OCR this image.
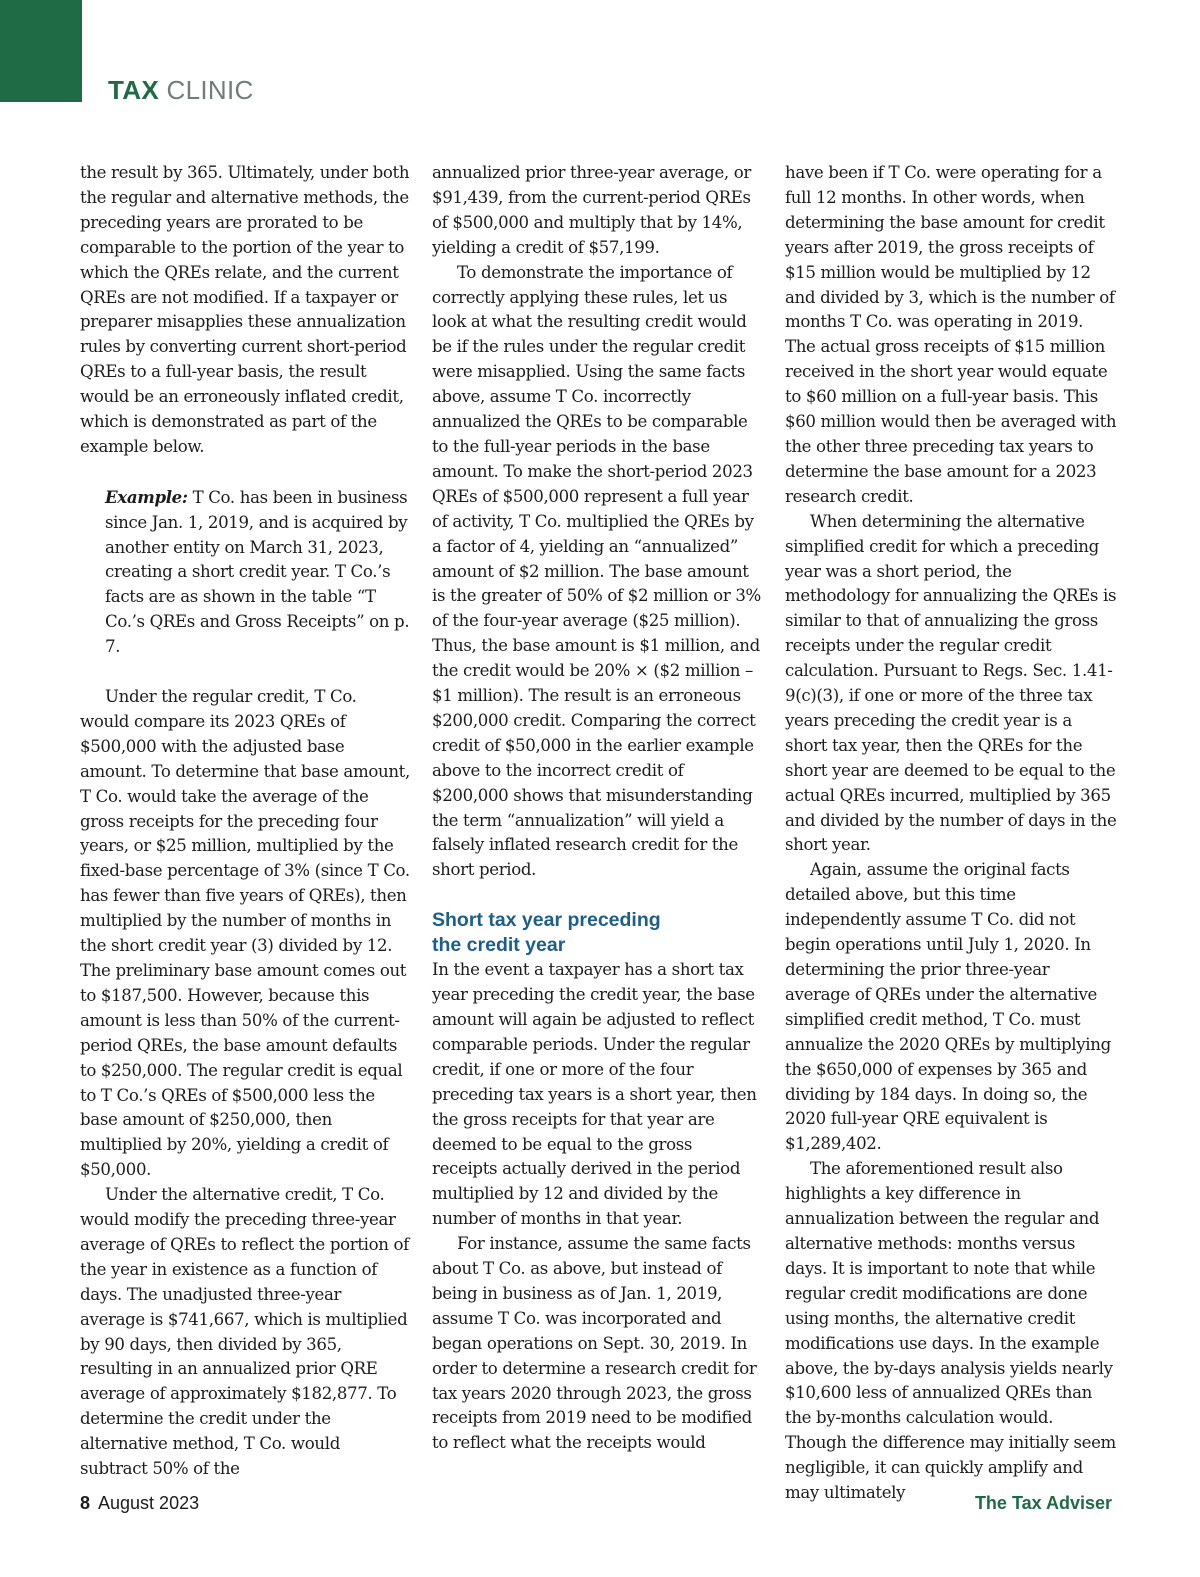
TAX CLINIC

the result by 365. Ultimately, under both the regular and alternative methods, the preceding years are prorated to be comparable to the portion of the year to which the QREs relate, and the current QREs are not modified. If a taxpayer or preparer misapplies these annualization rules by converting current short-period QREs to a full-year basis, the result would be an erroneously inflated credit, which is demonstrated as part of the example below.

Example: T Co. has been in business since Jan. 1, 2019, and is acquired by another entity on March 31, 2023, creating a short credit year. T Co.’s facts are as shown in the table “T Co.’s QREs and Gross Receipts” on p. 7.

Under the regular credit, T Co. would compare its 2023 QREs of $500,000 with the adjusted base amount. To determine that base amount, T Co. would take the average of the gross receipts for the preceding four years, or $25 million, multiplied by the fixed-base percentage of 3% (since T Co. has fewer than five years of QREs), then multiplied by the number of months in the short credit year (3) divided by 12. The preliminary base amount comes out to $187,500. However, because this amount is less than 50% of the current-period QREs, the base amount defaults to $250,000. The regular credit is equal to T Co.’s QREs of $500,000 less the base amount of $250,000, then multiplied by 20%, yielding a credit of $50,000.

Under the alternative credit, T Co. would modify the preceding three-year average of QREs to reflect the portion of the year in existence as a function of days. The unadjusted three-year average is $741,667, which is multiplied by 90 days, then divided by 365, resulting in an annualized prior QRE average of approximately $182,877. To determine the credit under the alternative method, T Co. would subtract 50% of the

annualized prior three-year average, or $91,439, from the current-period QREs of $500,000 and multiply that by 14%, yielding a credit of $57,199.

To demonstrate the importance of correctly applying these rules, let us look at what the resulting credit would be if the rules under the regular credit were misapplied. Using the same facts above, assume T Co. incorrectly annualized the QREs to be comparable to the full-year periods in the base amount. To make the short-period 2023 QREs of $500,000 represent a full year of activity, T Co. multiplied the QREs by a factor of 4, yielding an “annualized” amount of $2 million. The base amount is the greater of 50% of $2 million or 3% of the four-year average ($25 million). Thus, the base amount is $1 million, and the credit would be 20% × ($2 million – $1 million). The result is an erroneous $200,000 credit. Comparing the correct credit of $50,000 in the earlier example above to the incorrect credit of $200,000 shows that misunderstanding the term “annualization” will yield a falsely inflated research credit for the short period.

Short tax year preceding
the credit year

In the event a taxpayer has a short tax year preceding the credit year, the base amount will again be adjusted to reflect comparable periods. Under the regular credit, if one or more of the four preceding tax years is a short year, then the gross receipts for that year are deemed to be equal to the gross receipts actually derived in the period multiplied by 12 and divided by the number of months in that year.

For instance, assume the same facts about T Co. as above, but instead of being in business as of Jan. 1, 2019, assume T Co. was incorporated and began operations on Sept. 30, 2019. In order to determine a research credit for tax years 2020 through 2023, the gross receipts from 2019 need to be modified to reflect what the receipts would

have been if T Co. were operating for a full 12 months. In other words, when determining the base amount for credit years after 2019, the gross receipts of $15 million would be multiplied by 12 and divided by 3, which is the number of months T Co. was operating in 2019. The actual gross receipts of $15 million received in the short year would equate to $60 million on a full-year basis. This $60 million would then be averaged with the other three preceding tax years to determine the base amount for a 2023 research credit.

When determining the alternative simplified credit for which a preceding year was a short period, the methodology for annualizing the QREs is similar to that of annualizing the gross receipts under the regular credit calculation. Pursuant to Regs. Sec. 1.41-9(c)(3), if one or more of the three tax years preceding the credit year is a short tax year, then the QREs for the short year are deemed to be equal to the actual QREs incurred, multiplied by 365 and divided by the number of days in the short year.

Again, assume the original facts detailed above, but this time independently assume T Co. did not begin operations until July 1, 2020. In determining the prior three-year average of QREs under the alternative simplified credit method, T Co. must annualize the 2020 QREs by multiplying the $650,000 of expenses by 365 and dividing by 184 days. In doing so, the 2020 full-year QRE equivalent is $1,289,402.

The aforementioned result also highlights a key difference in annualization between the regular and alternative methods: months versus days. It is important to note that while regular credit modifications are done using months, the alternative credit modifications use days. In the example above, the by-days analysis yields nearly $10,600 less of annualized QREs than the by-months calculation would. Though the difference may initially seem negligible, it can quickly amplify and may ultimately

8 August 2023	The Tax Adviser
